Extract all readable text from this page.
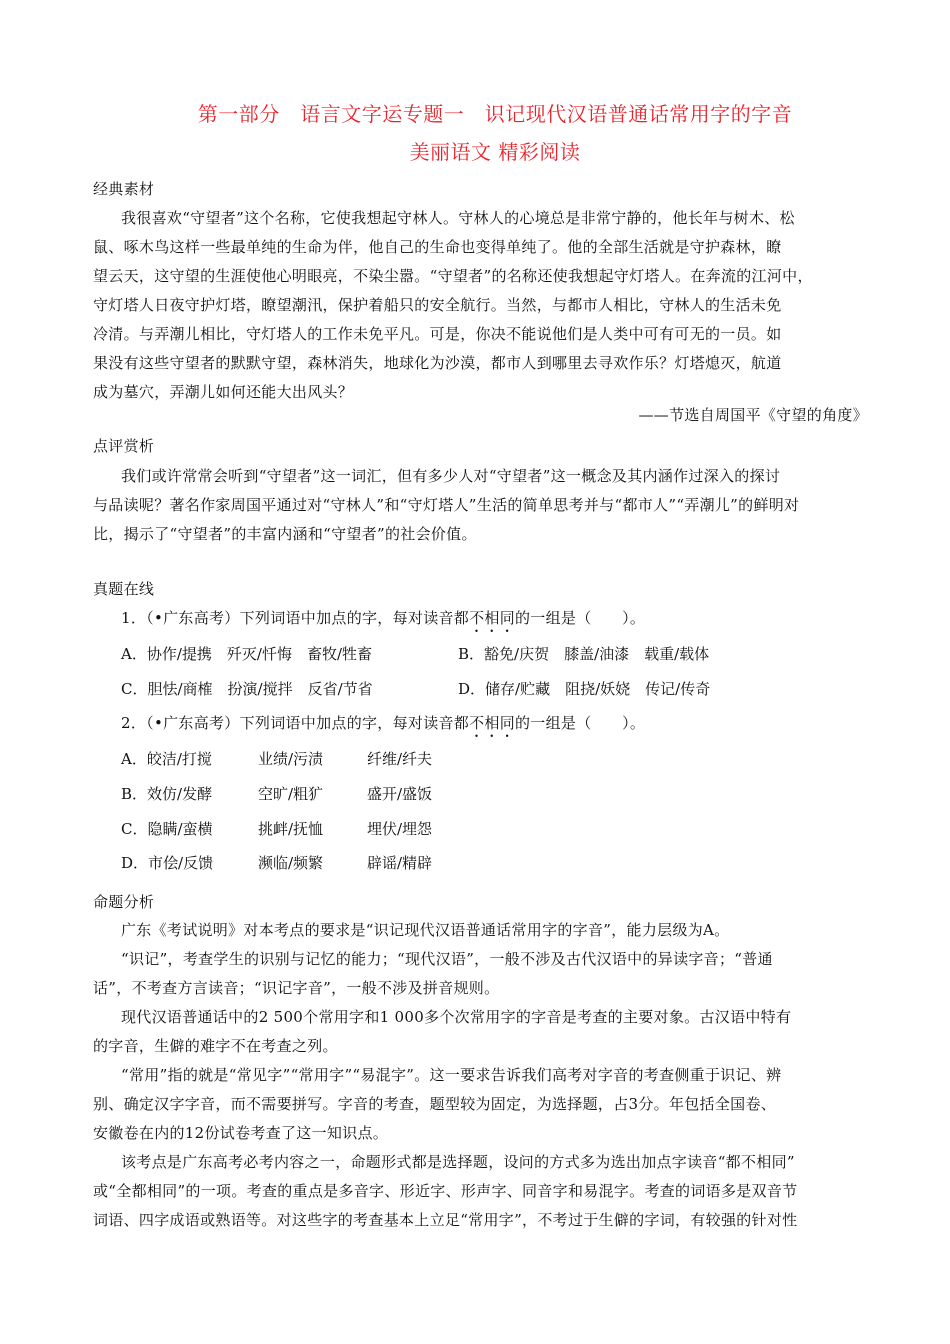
第一部分　语言文字运专题一　识记现代汉语普通话常用字的字音
美丽语文 精彩阅读
经典素材
我很喜欢“守望者”这个名称，它使我想起守林人。守林人的心境总是非常宁静的，他长年与树木、松
鼠、啄木鸟这样一些最单纯的生命为伴，他自己的生命也变得单纯了。他的全部生活就是守护森林，瞭
望云天，这守望的生涯使他心明眼亮，不染尘嚣。“守望者”的名称还使我想起守灯塔人。在奔流的江河中，
守灯塔人日夜守护灯塔，瞭望潮汛，保护着船只的安全航行。当然，与都市人相比，守林人的生活未免
冷清。与弄潮儿相比，守灯塔人的工作未免平凡。可是，你决不能说他们是人类中可有可无的一员。如
果没有这些守望者的默默守望，森林消失，地球化为沙漠，都市人到哪里去寻欢作乐？灯塔熄灭，航道
成为墓穴，弄潮儿如何还能大出风头？
——节选自周国平《守望的角度》
点评赏析
我们或许常常会听到“守望者”这一词汇，但有多少人对“守望者”这一概念及其内涵作过深入的探讨
与品读呢？著名作家周国平通过对“守林人”和“守灯塔人”生活的简单思考并与“都市人”“弄潮儿”的鲜明对
比，揭示了“守望者”的丰富内涵和“守望者”的社会价值。
真题在线
1．（•广东高考）下列词语中加点的字，每对读音都不相同的一组是（　　）。
A．协作/提携　歼灭/忏悔　畜牧/牲畜	B．豁免/庆贺　膝盖/油漆　载重/载体
C．胆怯/商榷　扮演/搅拌　反省/节省	D．储存/贮藏　阻挠/妖娆　传记/传奇
2．（•广东高考）下列词语中加点的字，每对读音都不相同的一组是（　　）。
A．皎洁/打搅	业绩/污渍	纤维/纤夫
B．效仿/发酵	空旷/粗犷	盛开/盛饭
C．隐瞒/蛮横	挑衅/抚恤	埋伏/埋怨
D．市侩/反馈	濒临/频繁	辟谣/精辟
命题分析
广东《考试说明》对本考点的要求是“识记现代汉语普通话常用字的字音”，能力层级为A。
“识记”，考查学生的识别与记忆的能力；“现代汉语”，一般不涉及古代汉语中的异读字音；“普通
话”，不考查方言读音；“识记字音”，一般不涉及拼音规则。
现代汉语普通话中的2 500个常用字和1 000多个次常用字的字音是考查的主要对象。古汉语中特有
的字音，生僻的难字不在考查之列。
“常用”指的就是“常见字”“常用字”“易混字”。这一要求告诉我们高考对字音的考查侧重于识记、辨
别、确定汉字字音，而不需要拼写。字音的考查，题型较为固定，为选择题，占3分。年包括全国卷、
安徽卷在内的12份试卷考查了这一知识点。
该考点是广东高考必考内容之一，命题形式都是选择题，设问的方式多为选出加点字读音“都不相同”
或“全都相同”的一项。考查的重点是多音字、形近字、形声字、同音字和易混字。考查的词语多是双音节
词语、四字成语或熟语等。对这些字的考查基本上立足“常用字”，不考过于生僻的字词，有较强的针对性
